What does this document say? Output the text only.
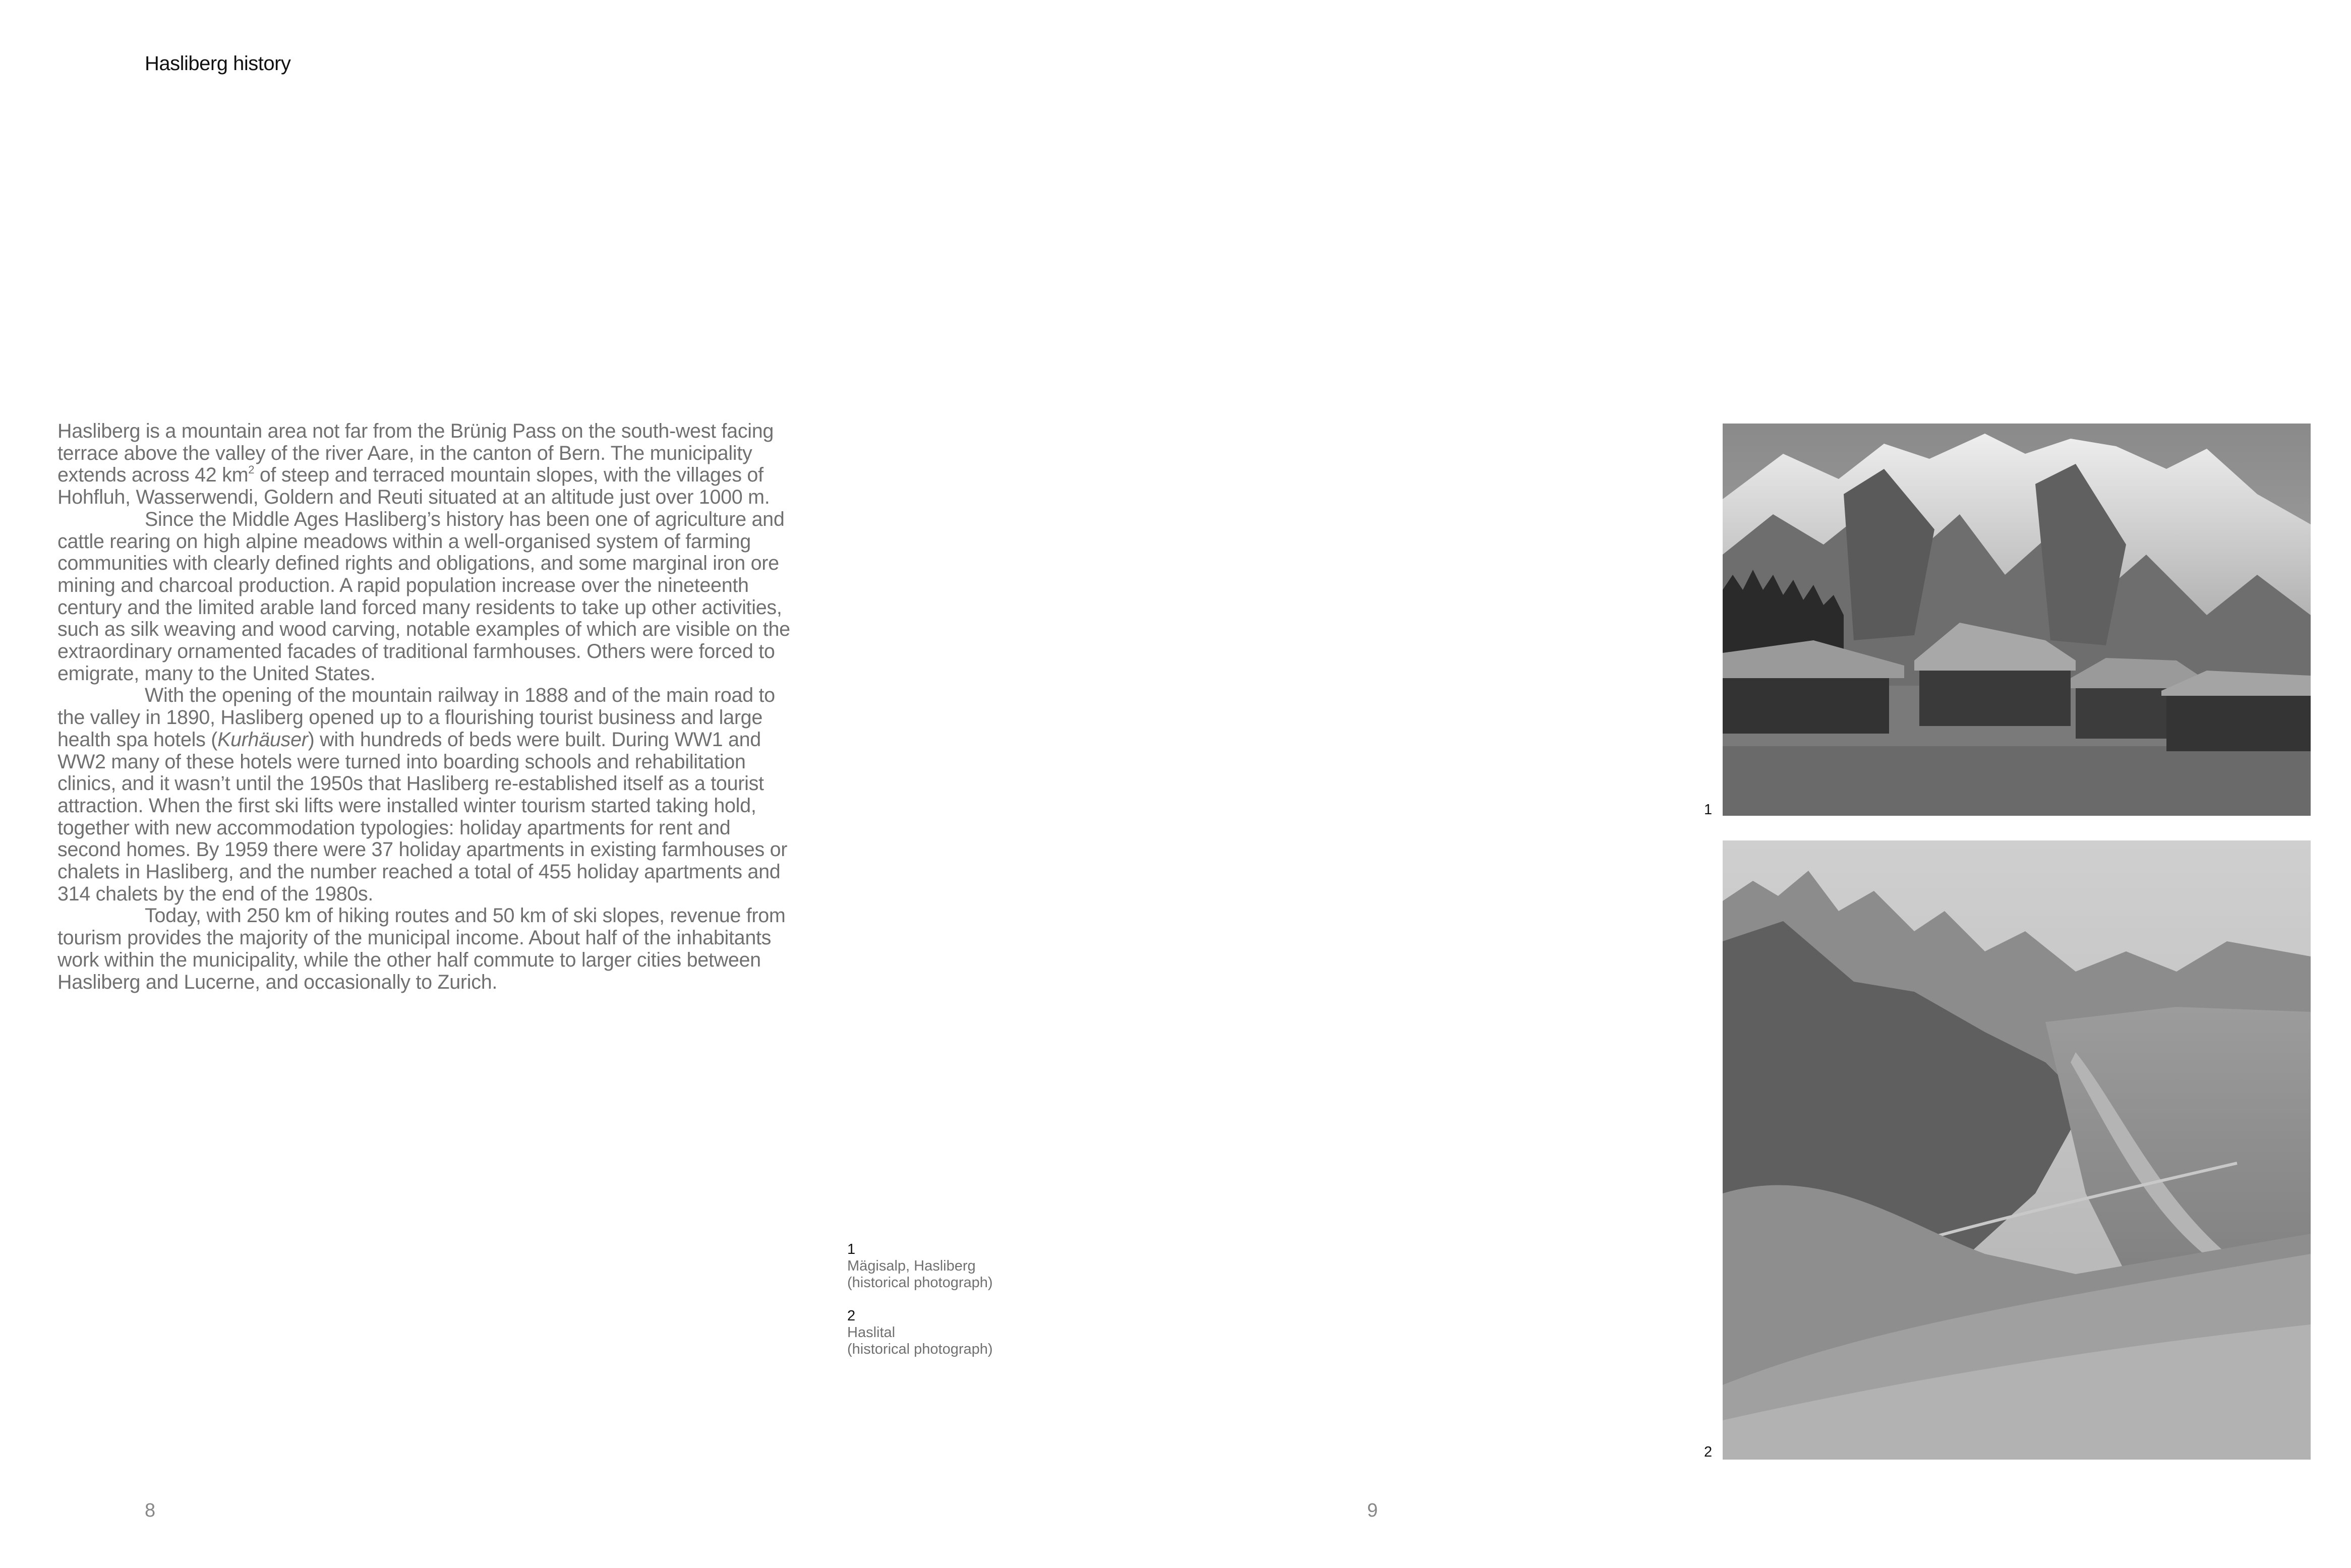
Hasliberg history
Hasliberg is a mountain area not far from the Brünig Pass on the south-west facing
terrace above the valley of the river Aare, in the canton of Bern. The municipality
extends across 42 $km^2$ of steep and terraced mountain slopes, with the villages of
Hohfluh, Wasserwendi, Goldern and Reuti situated at an altitude just over 1000 m.
Since the Middle Ages Hasliberg’s history has been one of agriculture and
cattle rearing on high alpine meadows within a well-organised system of farming
communities with clearly defined rights and obligations, and some marginal iron ore
mining and charcoal production. A rapid population increase over the nineteenth
century and the limited arable land forced many residents to take up other activities,
such as silk weaving and wood carving, notable examples of which are visible on the
extraordinary ornamented facades of traditional farmhouses. Others were forced to
emigrate, many to the United States.
With the opening of the mountain railway in 1888 and of the main road to
the valley in 1890, Hasliberg opened up to a flourishing tourist business and large
health spa hotels (Kurhäuser) with hundreds of beds were built. During WW1 and
WW2 many of these hotels were turned into boarding schools and rehabilitation
clinics, and it wasn’t until the 1950s that Hasliberg re-established itself as a tourist
attraction. When the first ski lifts were installed winter tourism started taking hold,
together with new accommodation typologies: holiday apartments for rent and
second homes. By 1959 there were 37 holiday apartments in existing farmhouses or
chalets in Hasliberg, and the number reached a total of 455 holiday apartments and
314 chalets by the end of the 1980s.
Today, with 250 km of hiking routes and 50 km of ski slopes, revenue from
tourism provides the majority of the municipal income. About half of the inhabitants
work within the municipality, while the other half commute to larger cities between
Hasliberg and Lucerne, and occasionally to Zurich.
1
Mägisalp, Hasliberg
(historical photograph)
2
Haslital
(historical photograph)
8
1
2
9
